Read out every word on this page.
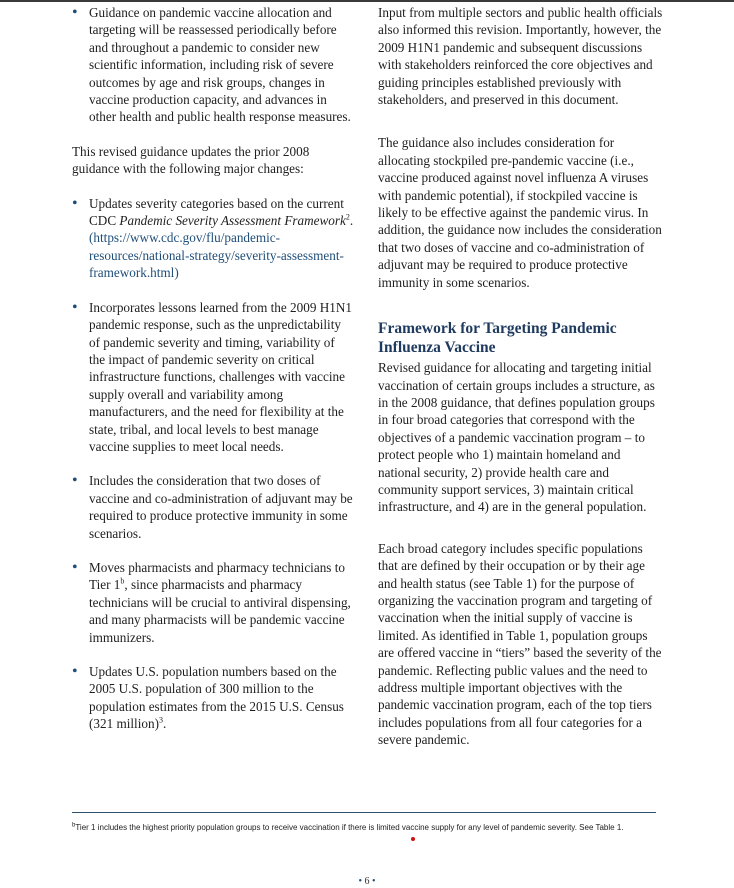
• Guidance on pandemic vaccine allocation and targeting will be reassessed periodically before and throughout a pandemic to consider new scientific information, including risk of severe outcomes by age and risk groups, changes in vaccine production capacity, and advances in other health and public health response measures.

This revised guidance updates the prior 2008 guidance with the following major changes:

• Updates severity categories based on the current CDC Pandemic Severity Assessment Framework$^2$. (https://www.cdc.gov/flu/pandemic-resources/national-strategy/severity-assessment-framework.html)
• Incorporates lessons learned from the 2009 H1N1 pandemic response, such as the unpredictability of pandemic severity and timing, variability of the impact of pandemic severity on critical infrastructure functions, challenges with vaccine supply overall and variability among manufacturers, and the need for flexibility at the state, tribal, and local levels to best manage vaccine supplies to meet local needs.
• Includes the consideration that two doses of vaccine and co-administration of adjuvant may be required to produce protective immunity in some scenarios.
• Moves pharmacists and pharmacy technicians to Tier 1$^b$, since pharmacists and pharmacy technicians will be crucial to antiviral dispensing, and many pharmacists will be pandemic vaccine immunizers.
• Updates U.S. population numbers based on the 2005 U.S. population of 300 million to the population estimates from the 2015 U.S. Census (321 million)$^3$.

Input from multiple sectors and public health officials also informed this revision. Importantly, however, the 2009 H1N1 pandemic and subsequent discussions with stakeholders reinforced the core objectives and guiding principles established previously with stakeholders, and preserved in this document.

The guidance also includes consideration for allocating stockpiled pre-pandemic vaccine (i.e., vaccine produced against novel influenza A viruses with pandemic potential), if stockpiled vaccine is likely to be effective against the pandemic virus. In addition, the guidance now includes the consideration that two doses of vaccine and co-administration of adjuvant may be required to produce protective immunity in some scenarios.

Framework for Targeting Pandemic Influenza Vaccine

Revised guidance for allocating and targeting initial vaccination of certain groups includes a structure, as in the 2008 guidance, that defines population groups in four broad categories that correspond with the objectives of a pandemic vaccination program – to protect people who 1) maintain homeland and national security, 2) provide health care and community support services, 3) maintain critical infrastructure, and 4) are in the general population.

Each broad category includes specific populations that are defined by their occupation or by their age and health status (see Table 1) for the purpose of organizing the vaccination program and targeting of vaccination when the initial supply of vaccine is limited. As identified in Table 1, population groups are offered vaccine in “tiers” based the severity of the pandemic. Reflecting public values and the need to address multiple important objectives with the pandemic vaccination program, each of the top tiers includes populations from all four categories for a severe pandemic.

$^b$Tier 1 includes the highest priority population groups to receive vaccination if there is limited vaccine supply for any level of pandemic severity. See Table 1.
• 6 •
